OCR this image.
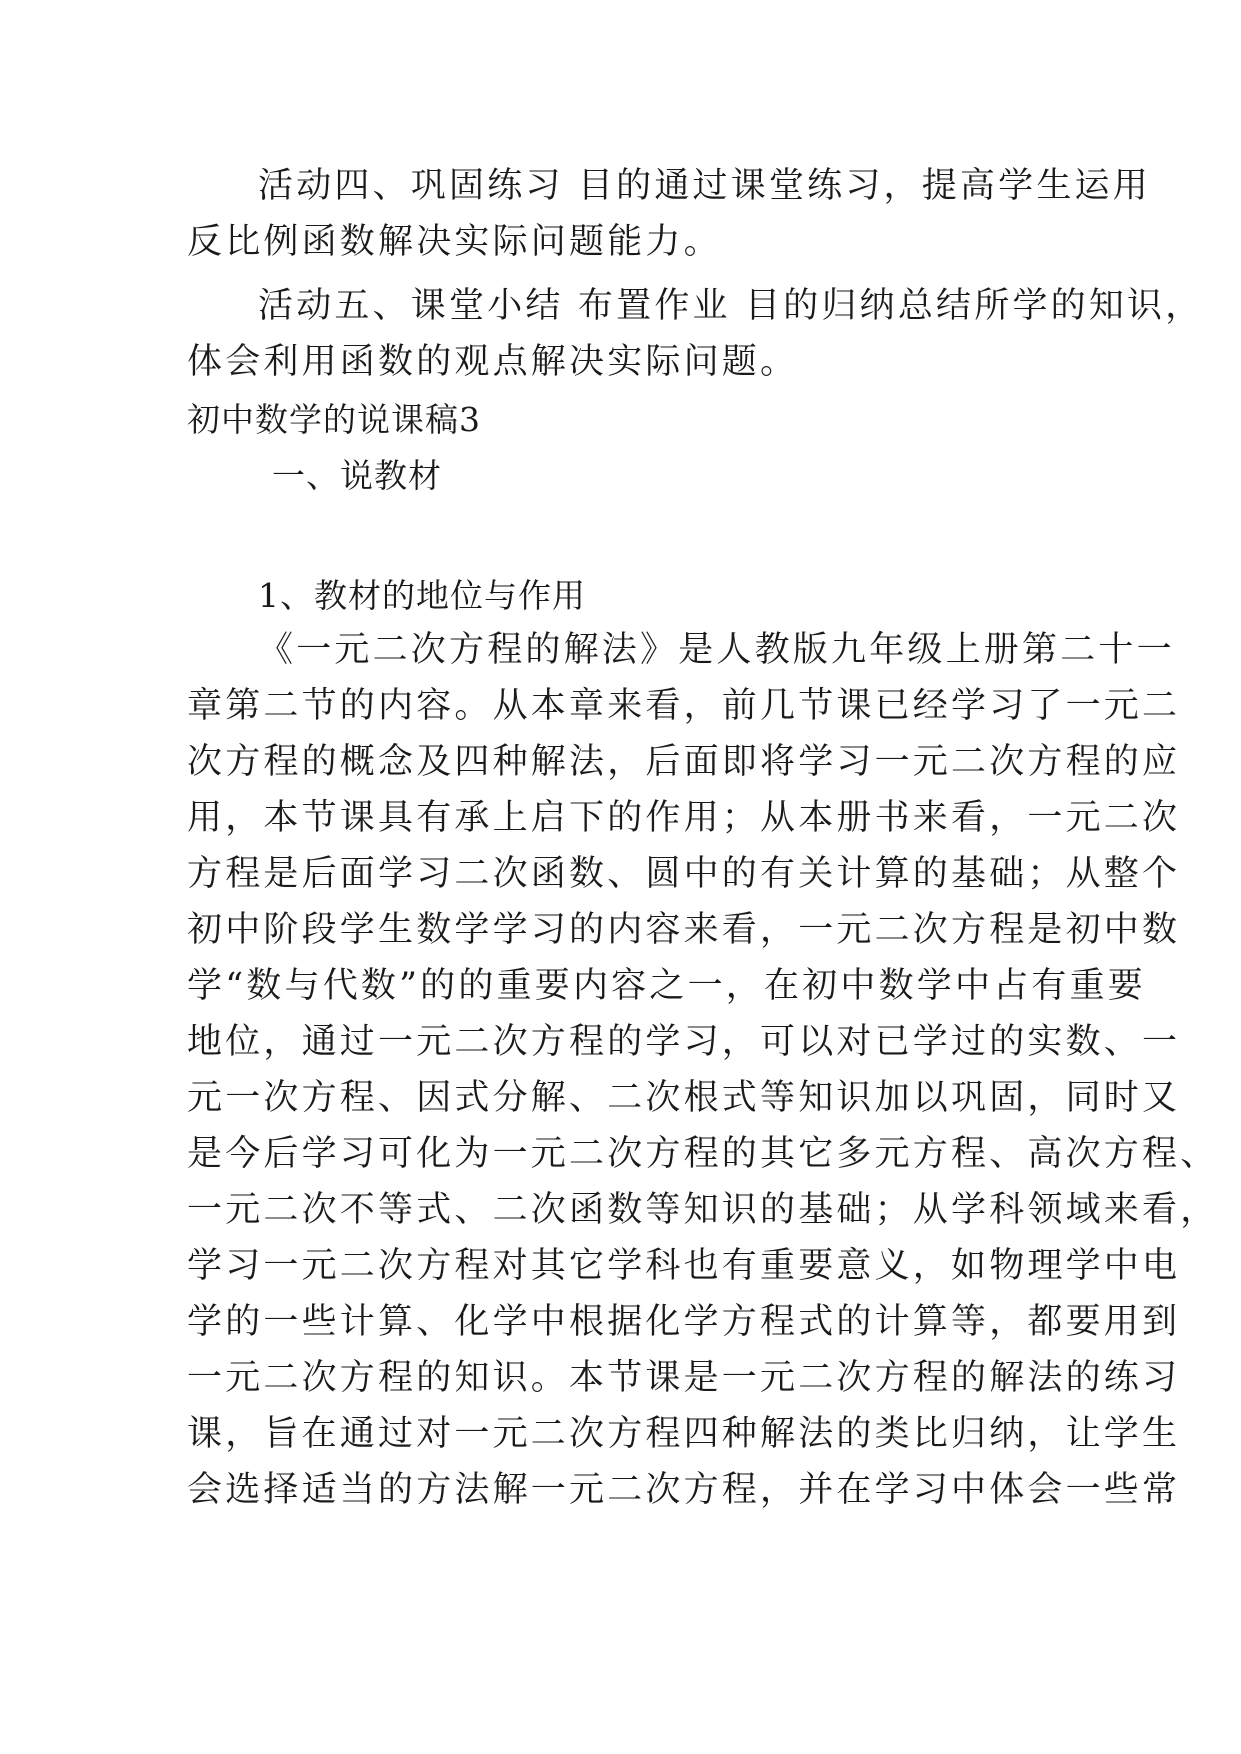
活动四、巩固练习 目的通过课堂练习，提高学生运用
反比例函数解决实际问题能力。
活动五、课堂小结 布置作业 目的归纳总结所学的知识，
体会利用函数的观点解决实际问题。
初中数学的说课稿3
一、说教材
1、教材的地位与作用
《一元二次方程的解法》是人教版九年级上册第二十一
章第二节的内容。从本章来看，前几节课已经学习了一元二
次方程的概念及四种解法，后面即将学习一元二次方程的应
用，本节课具有承上启下的作用；从本册书来看，一元二次
方程是后面学习二次函数、圆中的有关计算的基础；从整个
初中阶段学生数学学习的内容来看，一元二次方程是初中数
学“数与代数”的的重要内容之一，在初中数学中占有重要
地位，通过一元二次方程的学习，可以对已学过的实数、一
元一次方程、因式分解、二次根式等知识加以巩固，同时又
是今后学习可化为一元二次方程的其它多元方程、高次方程、
一元二次不等式、二次函数等知识的基础；从学科领域来看，
学习一元二次方程对其它学科也有重要意义，如物理学中电
学的一些计算、化学中根据化学方程式的计算等，都要用到
一元二次方程的知识。本节课是一元二次方程的解法的练习
课，旨在通过对一元二次方程四种解法的类比归纳，让学生
会选择适当的方法解一元二次方程，并在学习中体会一些常
